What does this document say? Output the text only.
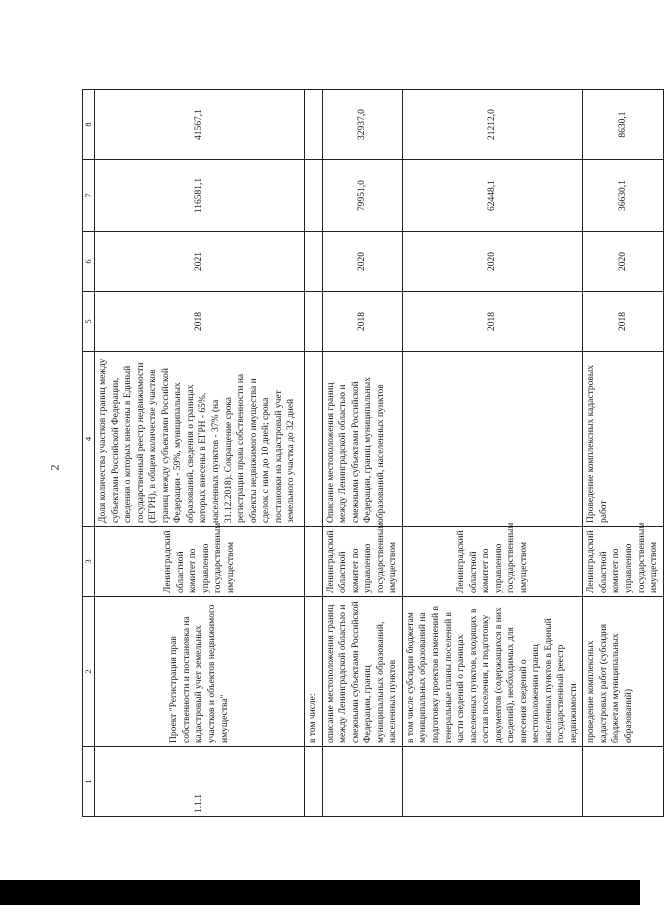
2
1	2	3	4	5	6	7	8
1.1.1	Проект "Регистрация прав собственности и постановка на кадастровый учет земельных участков и объектов недвижимого имущества"	Ленинградский областной комитет по управлению государственным имуществом	Доля количества участков границ между субъектами Российской Федерации, сведения о которых внесены в Единый государственный реестр недвижимости (ЕГРН), в общем количестве участков границ между субъектами Российской Федерации - 59%, муниципальных образований, сведения о границах которых внесены в ЕГРН - 65%, населенных пунктов - 37% (на 31.12.2018). Сокращение срока регистрации права собственности на объекты недвижимого имущества и сделок с ним до 10 дней; срока постановки на кадастровый учет земельного участка до 32 дней	2018	2021	116581,1	41567,1
	в том числе:						
	описание местоположения границ между Ленинградской областью и смежными субъектами Российской Федерации, границ муниципальных образований, населенных пунктов	Ленинградский областной комитет по управлению государственным имуществом	Описание местоположения границ между Ленинградской областью и смежными субъектами Российской Федерации, границ муниципальных образований, населенных пунктов	2018	2020	79951,0	32937,0
	в том числе субсидии бюджетам муниципальных образований на подготовку проектов изменений в генеральные планы поселений в части сведений о границах населенных пунктов, входящих в состав поселения, и подготовку документов (содержащихся в них сведений), необходимых для внесения сведений о местоположении границ населенных пунктов в Единый государственный реестр недвижимости	Ленинградский областной комитет по управлению государственным имуществом		2018	2020	62448,1	21212,0
	проведение комплексных кадастровых работ (субсидия бюджетам муниципальных образований)	Ленинградский областной комитет по управлению государственным имуществом	Проведение комплексных кадастровых работ	2018	2020	36630,1	8630,1
